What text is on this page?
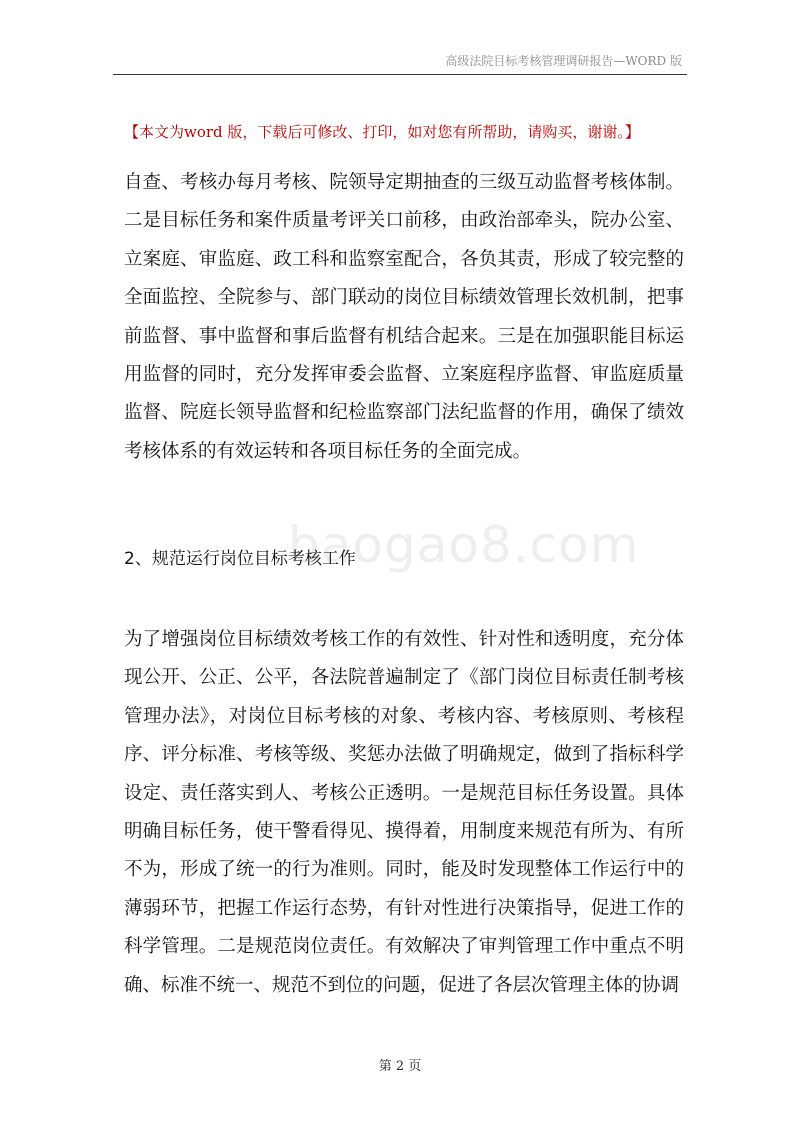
高级法院目标考核管理调研报告—WORD 版
【本文为word 版，下载后可修改、打印，如对您有所帮助，请购买，谢谢。】

自查、考核办每月考核、院领导定期抽查的三级互动监督考核体制。二是目标任务和案件质量考评关口前移，由政治部牵头，院办公室、立案庭、审监庭、政工科和监察室配合，各负其责，形成了较完整的全面监控、全院参与、部门联动的岗位目标绩效管理长效机制，把事前监督、事中监督和事后监督有机结合起来。三是在加强职能目标运用监督的同时，充分发挥审委会监督、立案庭程序监督、审监庭质量监督、院庭长领导监督和纪检监察部门法纪监督的作用，确保了绩效考核体系的有效运转和各项目标任务的全面完成。

baogao8.com
2、规范运行岗位目标考核工作

为了增强岗位目标绩效考核工作的有效性、针对性和透明度，充分体现公开、公正、公平，各法院普遍制定了《部门岗位目标责任制考核管理办法》，对岗位目标考核的对象、考核内容、考核原则、考核程序、评分标准、考核等级、奖惩办法做了明确规定，做到了指标科学设定、责任落实到人、考核公正透明。一是规范目标任务设置。具体明确目标任务，使干警看得见、摸得着，用制度来规范有所为、有所不为，形成了统一的行为准则。同时，能及时发现整体工作运行中的薄弱环节，把握工作运行态势，有针对性进行决策指导，促进工作的科学管理。二是规范岗位责任。有效解决了审判管理工作中重点不明确、标准不统一、规范不到位的问题，促进了各层次管理主体的协调

第 2 页
